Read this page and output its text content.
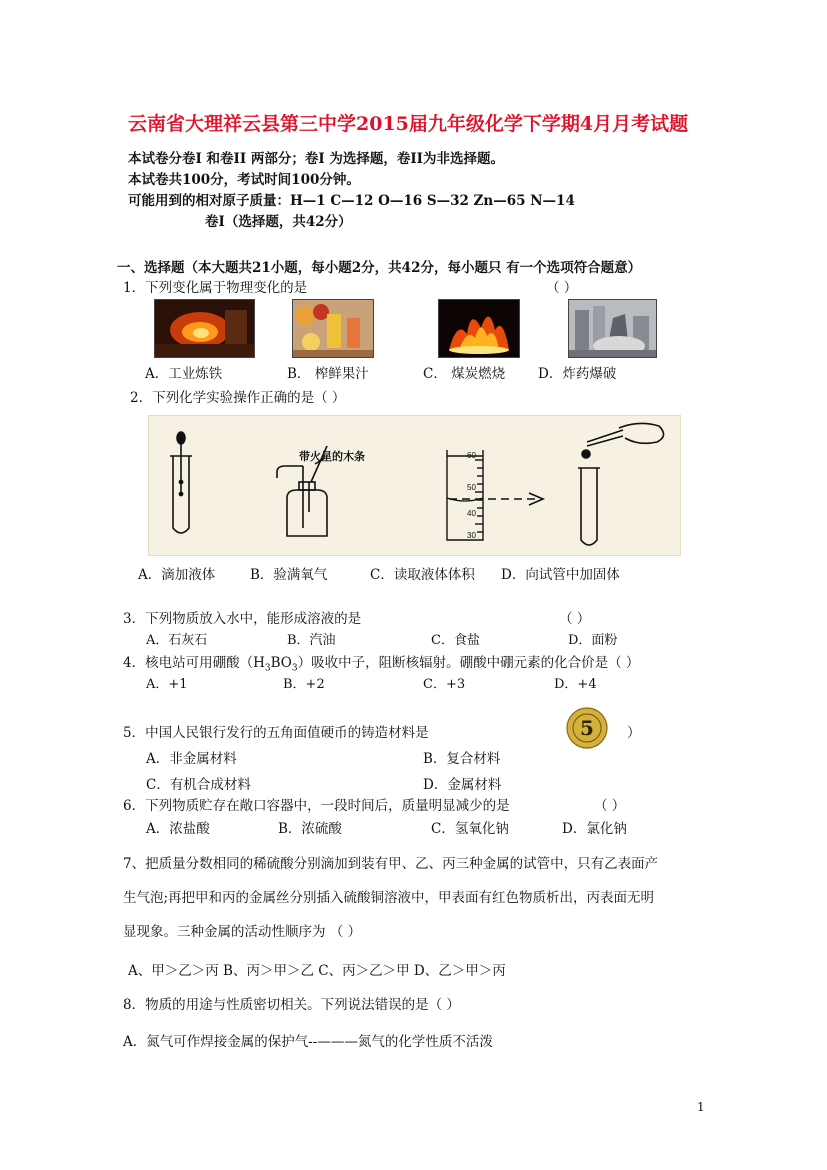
云南省大理祥云县第三中学2015届九年级化学下学期4月月考试题
本试卷分卷I 和卷II 两部分；卷I 为选择题，卷II为非选择题。
本试卷共100分，考试时间100分钟。
可能用到的相对原子质量：H—1 C—12 O—16 S—32 Zn—65 N—14
卷I（选择题，共42分）
一、选择题（本大题共21小题，每小题2分，共42分，每小题只 有一个选项符合题意）
1．下列变化属于物理变化的是	（ ）
A．工业炼铁	B． 榨鲜果汁	C． 煤炭燃烧 D．炸药爆破
2．下列化学实验操作正确的是（ ）
带火星的木条	60
50
40
30
A．滴加液体	B．验满氧气	C．读取液体体积 D．向试管中加固体
3．下列物质放入水中，能形成溶液的是	（ ）
A．石灰石	B．汽油	C．食盐	D．面粉
4．核电站可用硼酸$(H_3BO_3)$吸收中子，阻断核辐射。硼酸中硼元素的化合价是（ ）
A．+1	B．+2	C．+3	D．+4
5．中国人民银行发行的五角面值硬币的铸造材料是	5 ）
A．非金属材料	B．复合材料
C．有机合成材料	D．金属材料
6．下列物质贮存在敞口容器中，一段时间后，质量明显减少的是	（ ）
A．浓盐酸	B．浓硫酸	C．氢氧化钠	D．氯化钠
7、把质量分数相同的稀硫酸分别滴加到装有甲、乙、丙三种金属的试管中，只有乙表面产
生气泡;再把甲和丙的金属丝分别插入硫酸铜溶液中，甲表面有红色物质析出，丙表面无明
显现象。三种金属的活动性顺序为 （ ）
A、甲＞乙＞丙 B、丙＞甲＞乙 C、丙＞乙＞甲 D、乙＞甲＞丙
8．物质的用途与性质密切相关。下列说法错误的是（ ）
A．氮气可作焊接金属的保护气--———氮气的化学性质不活泼
1
